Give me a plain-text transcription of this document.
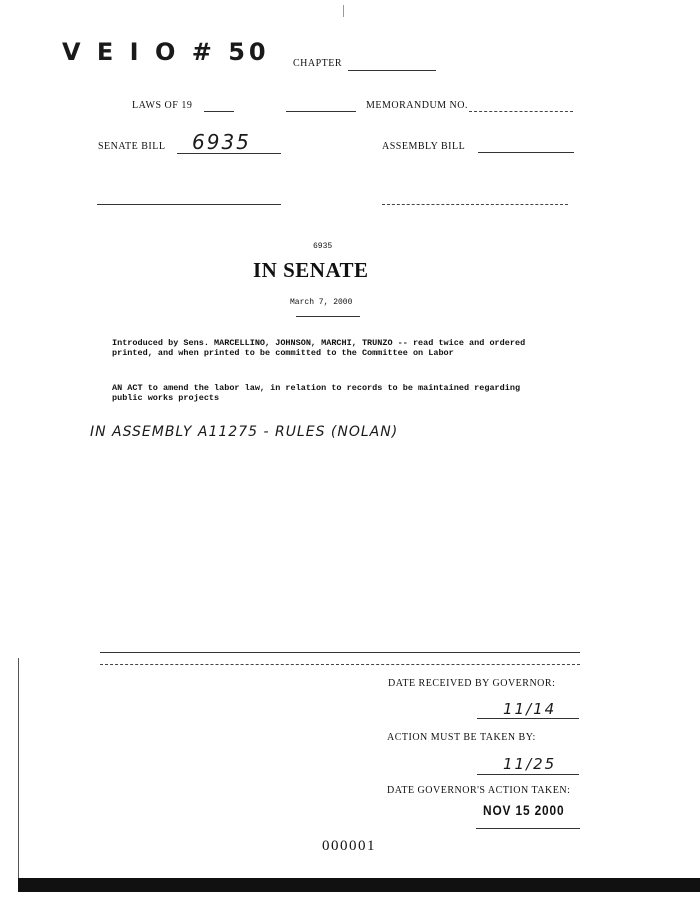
V E I O # 50 CHAPTER
LAWS OF 19	MEMORANDUM NO.
SENATE BILL 6935	ASSEMBLY BILL
6935
IN SENATE
March 7, 2000
Introduced by Sens. MARCELLINO, JOHNSON, MARCHI, TRUNZO -- read twice and ordered printed, and when printed to be committed to the Committee on Labor
AN ACT to amend the labor law, in relation to records to be maintained regarding public works projects
IN ASSEMBLY A11275 - RULES (NOLAN)
DATE RECEIVED BY GOVERNOR:
11/14
ACTION MUST BE TAKEN BY:
11/25
DATE GOVERNOR'S ACTION TAKEN:
NOV 15 2000
000001
